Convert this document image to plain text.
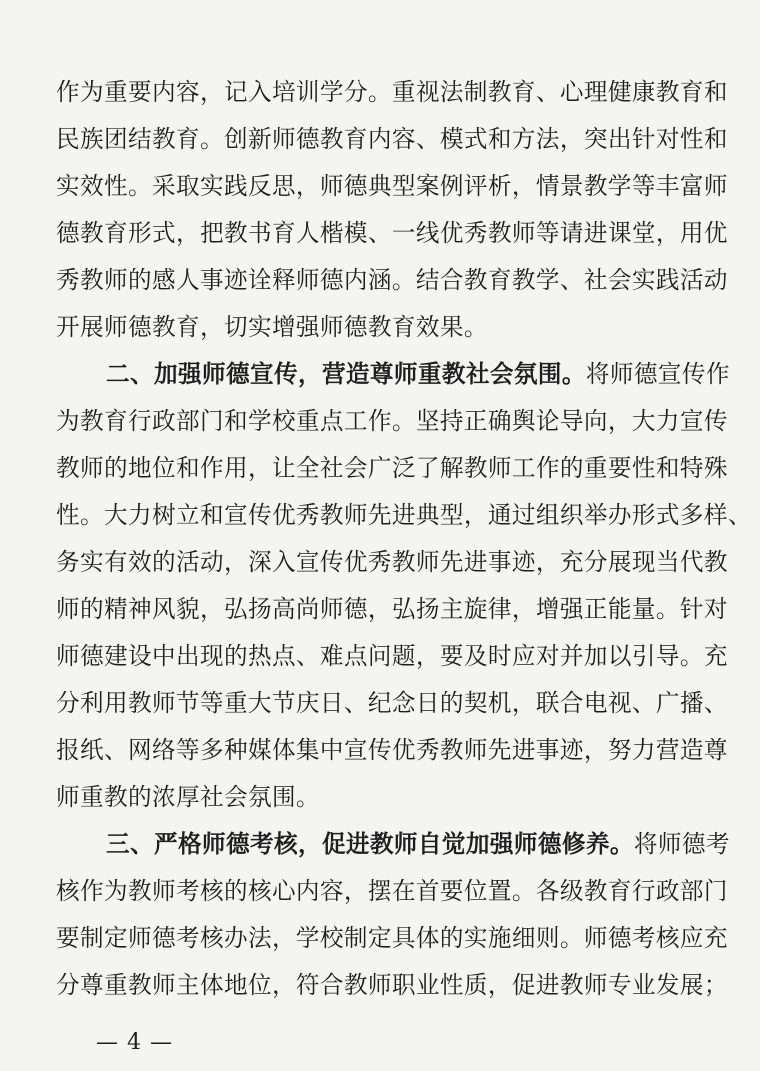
作为重要内容，记入培训学分。重视法制教育、心理健康教育和
民族团结教育。创新师德教育内容、模式和方法，突出针对性和
实效性。采取实践反思，师德典型案例评析，情景教学等丰富师
德教育形式，把教书育人楷模、一线优秀教师等请进课堂，用优
秀教师的感人事迹诠释师德内涵。结合教育教学、社会实践活动
开展师德教育，切实增强师德教育效果。
二、加强师德宣传，营造尊师重教社会氛围。将师德宣传作
为教育行政部门和学校重点工作。坚持正确舆论导向，大力宣传
教师的地位和作用，让全社会广泛了解教师工作的重要性和特殊
性。大力树立和宣传优秀教师先进典型，通过组织举办形式多样、
务实有效的活动，深入宣传优秀教师先进事迹，充分展现当代教
师的精神风貌，弘扬高尚师德，弘扬主旋律，增强正能量。针对
师德建设中出现的热点、难点问题，要及时应对并加以引导。充
分利用教师节等重大节庆日、纪念日的契机，联合电视、广播、
报纸、网络等多种媒体集中宣传优秀教师先进事迹，努力营造尊
师重教的浓厚社会氛围。
三、严格师德考核，促进教师自觉加强师德修养。将师德考
核作为教师考核的核心内容，摆在首要位置。各级教育行政部门
要制定师德考核办法，学校制定具体的实施细则。师德考核应充
分尊重教师主体地位，符合教师职业性质，促进教师专业发展；
— 4 —
